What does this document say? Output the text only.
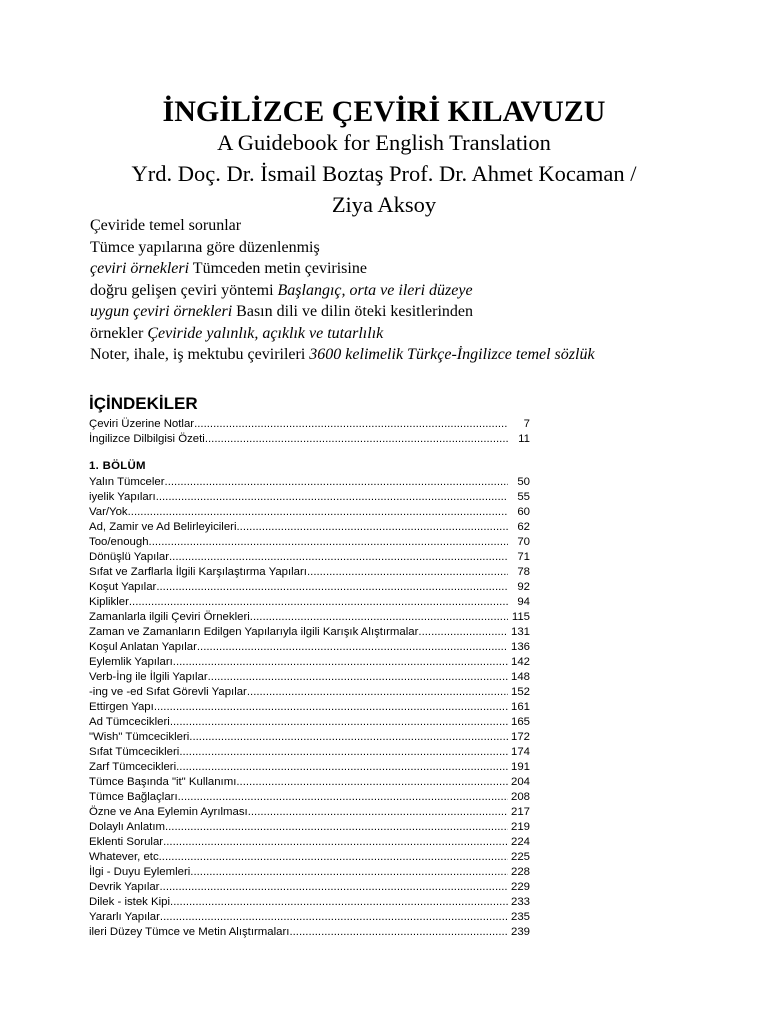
İNGİLİZCE ÇEVİRİ KILAVUZU
A Guidebook for English Translation
Yrd. Doç. Dr. İsmail Boztaş Prof. Dr. Ahmet Kocaman /
Ziya Aksoy
Çeviride temel sorunlar
Tümce yapılarına göre düzenlenmiş
çeviri örnekleri Tümceden metin çevirisine
doğru gelişen çeviri yöntemi Başlangıç, orta ve ileri düzeye
uygun çeviri örnekleri Basın dili ve dilin öteki kesitlerinden
örnekler Çeviride yalınlık, açıklık ve tutarlılık
Noter, ihale, iş mektubu çevirileri 3600 kelimelik Türkçe-İngilizce temel sözlük
İÇİNDEKİLER
Çeviri Üzerine Notlar .....	7
İngilizce Dilbilgisi Özeti .....	11
1. BÖLÜM
Yalın Tümceler .....	50
iyelik Yapıları .....	55
Var/Yok .....	60
Ad, Zamir ve Ad Belirleyicileri .....	62
Too/enough .....	70
Dönüşlü Yapılar .....	71
Sıfat ve Zarflarla İlgili Karşılaştırma Yapıları .....	78
Koşut Yapılar .....	92
Kiplikler .....	94
Zamanlarla ilgili Çeviri Örnekleri .....	115
Zaman ve Zamanların Edilgen Yapılarıyla ilgili Karışık Alıştırmalar .....	131
Koşul Anlatan Yapılar .....	136
Eylemlik Yapıları .....	142
Verb-İng ile İlgili Yapılar .....	148
-ing ve -ed Sıfat Görevli Yapılar .....	152
Ettirgen Yapı .....	161
Ad Tümcecikleri .....	165
"Wish" Tümcecikleri .....	172
Sıfat Tümcecikleri .....	174
Zarf Tümcecikleri .....	191
Tümce Başında "it" Kullanımı .....	204
Tümce Bağlaçları .....	208
Özne ve Ana Eylemin Ayrılması .....	217
Dolaylı Anlatım .....	219
Eklenti Sorular .....	224
Whatever, etc .....	225
İlgi - Duyu Eylemleri .....	228
Devrik Yapılar .....	229
Dilek - istek Kipi .....	233
Yararlı Yapılar .....	235
ileri Düzey Tümce ve Metin Alıştırmaları .....	239
